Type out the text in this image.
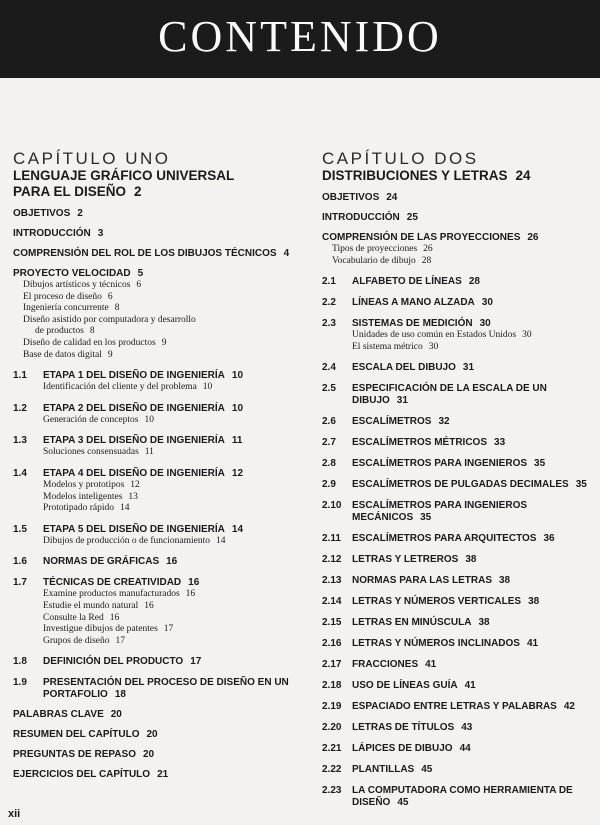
CONTENIDO
CAPÍTULO UNO
LENGUAJE GRÁFICO UNIVERSAL
PARA EL DISEÑO 2
OBJETIVOS 2
INTRODUCCIÓN 3
COMPRENSIÓN DEL ROL DE LOS DIBUJOS TÉCNICOS 4
PROYECTO VELOCIDAD 5
Dibujos artísticos y técnicos 6
El proceso de diseño 6
Ingeniería concurrente 8
Diseño asistido por computadora y desarrollo
de productos 8
Diseño de calidad en los productos 9
Base de datos digital 9
1.1	ETAPA 1 DEL DISEÑO DE INGENIERÍA 10
Identificación del cliente y del problema 10
1.2	ETAPA 2 DEL DISEÑO DE INGENIERÍA 10
Generación de conceptos 10
1.3	ETAPA 3 DEL DISEÑO DE INGENIERÍA 11
Soluciones consensuadas 11
1.4	ETAPA 4 DEL DISEÑO DE INGENIERÍA 12
Modelos y prototipos 12
Modelos inteligentes 13
Prototipado rápido 14
1.5	ETAPA 5 DEL DISEÑO DE INGENIERÍA 14
Dibujos de producción o de funcionamiento 14
1.6	NORMAS DE GRÁFICAS 16
1.7	TÉCNICAS DE CREATIVIDAD 16
Examine productos manufacturados 16
Estudie el mundo natural 16
Consulte la Red 16
Investigue dibujos de patentes 17
Grupos de diseño 17
1.8	DEFINICIÓN DEL PRODUCTO 17
1.9	PRESENTACIÓN DEL PROCESO DE DISEÑO EN UN PORTAFOLIO 18
PALABRAS CLAVE 20
RESUMEN DEL CAPÍTULO 20
PREGUNTAS DE REPASO 20
EJERCICIOS DEL CAPÍTULO 21
CAPÍTULO DOS
DISTRIBUCIONES Y LETRAS 24
OBJETIVOS 24
INTRODUCCIÓN 25
COMPRENSIÓN DE LAS PROYECCIONES 26
Tipos de proyecciones 26
Vocabulario de dibujo 28
2.1	ALFABETO DE LÍNEAS 28
2.2	LÍNEAS A MANO ALZADA 30
2.3	SISTEMAS DE MEDICIÓN 30
Unidades de uso común en Estados Unidos 30
El sistema métrico 30
2.4	ESCALA DEL DIBUJO 31
2.5	ESPECIFICACIÓN DE LA ESCALA DE UN DIBUJO 31
2.6	ESCALÍMETROS 32
2.7	ESCALÍMETROS MÉTRICOS 33
2.8	ESCALÍMETROS PARA INGENIEROS 35
2.9	ESCALÍMETROS DE PULGADAS DECIMALES 35
2.10	ESCALÍMETROS PARA INGENIEROS MECÁNICOS 35
2.11	ESCALÍMETROS PARA ARQUITECTOS 36
2.12	LETRAS Y LETREROS 38
2.13	NORMAS PARA LAS LETRAS 38
2.14	LETRAS Y NÚMEROS VERTICALES 38
2.15	LETRAS EN MINÚSCULA 38
2.16	LETRAS Y NÚMEROS INCLINADOS 41
2.17	FRACCIONES 41
2.18	USO DE LÍNEAS GUÍA 41
2.19	ESPACIADO ENTRE LETRAS Y PALABRAS 42
2.20	LETRAS DE TÍTULOS 43
2.21	LÁPICES DE DIBUJO 44
2.22	PLANTILLAS 45
2.23	LA COMPUTADORA COMO HERRAMIENTA DE DISEÑO 45
xii
